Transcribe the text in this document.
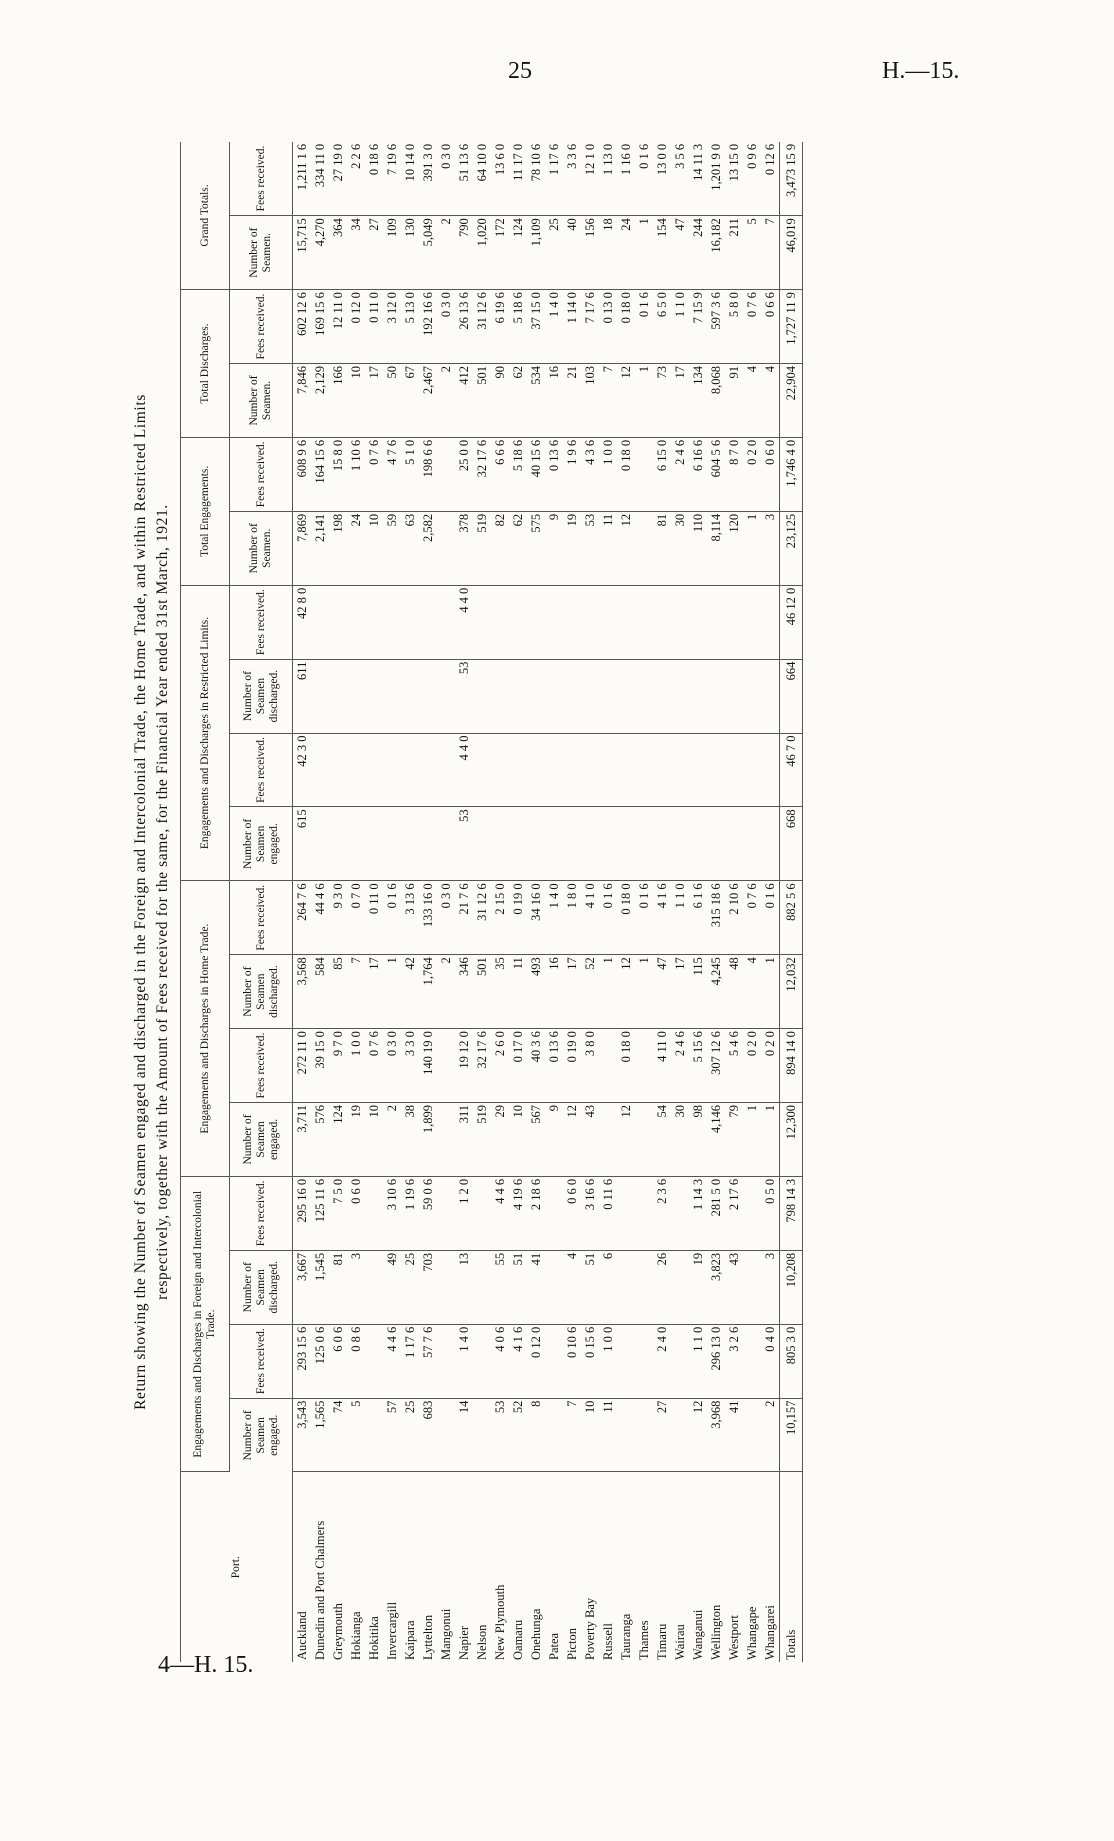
25	H.—15.
4—H. 15.
Return showing the Number of Seamen engaged and discharged in the Foreign and Intercolonial Trade, the Home Trade, and within Restricted Limits respectively, together with the Amount of Fees received for the same, for the Financial Year ended 31st March, 1921.
Port.	Engagements and Discharges in Foreign and Intercolonial Trade.				Engagements and Discharges in Home Trade.				Engagements and Discharges in Restricted Limits.				Total Engagements.		Total Discharges.		Grand Totals.	
	Number of Seamen engaged.	Fees received.	Number of Seamen discharged.	Fees received.	Number of Seamen engaged.	Fees received.	Number of Seamen discharged.	Fees received.	Number of Seamen engaged.	Fees received.	Number of Seamen discharged.	Fees received.	Number of Seamen.	Fees received.	Number of Seamen.	Fees received.	Number of Seamen.	Fees received.
Auckland	3,543	293 15 6	3,667	295 16 0	3,711	272 11 0	3,568	264 7 6	615	42 3 0	611	42 8 0	7,869	608 9 6	7,846	602 12 6	15,715	1,211 1 6
Dunedin and Port Chalmers	1,565	125 0 6	1,545	125 11 6	576	39 15 0	584	44 4 6					2,141	164 15 6	2,129	169 15 6	4,270	334 11 0
Greymouth	74	6 0 6	81	7 5 0	124	9 7 0	85	9 3 0					198	15 8 0	166	12 11 0	364	27 19 0
Hokianga	5	0 8 6	3	0 6 0	19	1 0 0	7	0 7 0					24	1 10 6	10	0 12 0	34	2 2 6
Hokitika					10	0 7 6	17	0 11 0					10	0 7 6	17	0 11 0	27	0 18 6
Invercargill	57	4 4 6	49	3 10 6	2	0 3 0	1	0 1 6					59	4 7 6	50	3 12 0	109	7 19 6
Kaipara	25	1 17 6	25	1 19 6	38	3 3 0	42	3 13 6					63	5 1 0	67	5 13 0	130	10 14 0
Lyttelton	683	57 7 6	703	59 0 6	1,899	140 19 0	1,764	133 16 0					2,582	198 6 6	2,467	192 16 6	5,049	391 3 0
Mangonui							2	0 3 0							2	0 3 0	2	0 3 0
Napier	14	1 4 0	13	1 2 0	311	19 12 0	346	21 7 6	53	4 4 0	53	4 4 0	378	25 0 0	412	26 13 6	790	51 13 6
Nelson					519	32 17 6	501	31 12 6					519	32 17 6	501	31 12 6	1,020	64 10 0
New Plymouth	53	4 0 6	55	4 4 6	29	2 6 0	35	2 15 0					82	6 6 6	90	6 19 6	172	13 6 0
Oamaru	52	4 1 6	51	4 19 6	10	0 17 0	11	0 19 0					62	5 18 6	62	5 18 6	124	11 17 0
Onehunga	8	0 12 0	41	2 18 6	567	40 3 6	493	34 16 0					575	40 15 6	534	37 15 0	1,109	78 10 6
Patea					9	0 13 6	16	1 4 0					9	0 13 6	16	1 4 0	25	1 17 6
Picton	7	0 10 6	4	0 6 0	12	0 19 0	17	1 8 0					19	1 9 6	21	1 14 0	40	3 3 6
Poverty Bay	10	0 15 6	51	3 16 6	43	3 8 0	52	4 1 0					53	4 3 6	103	7 17 6	156	12 1 0
Russell	11	1 0 0	6	0 11 6			1	0 1 6					11	1 0 0	7	0 13 0	18	1 13 0
Tauranga					12	0 18 0	12	0 18 0					12	0 18 0	12	0 18 0	24	1 16 0
Thames							1	0 1 6							1	0 1 6	1	0 1 6
Timaru	27	2 4 0	26	2 3 6	54	4 11 0	47	4 1 6					81	6 15 0	73	6 5 0	154	13 0 0
Wairau					30	2 4 6	17	1 1 0					30	2 4 6	17	1 1 0	47	3 5 6
Wanganui	12	1 1 0	19	1 14 3	98	5 15 6	115	6 1 6					110	6 16 6	134	7 15 9	244	14 11 3
Wellington	3,968	296 13 0	3,823	281 5 0	4,146	307 12 6	4,245	315 18 6					8,114	604 5 6	8,068	597 3 6	16,182	1,201 9 0
Westport	41	3 2 6	43	2 17 6	79	5 4 6	48	2 10 6					120	8 7 0	91	5 8 0	211	13 15 0
Whangape					1	0 2 0	4	0 7 6					1	0 2 0	4	0 7 6	5	0 9 6
Whangarei	2	0 4 0	3	0 5 0	1	0 2 0	1	0 1 6					3	0 6 0	4	0 6 6	7	0 12 6
Totals	10,157	805 3 0	10,208	798 14 3	12,300	894 14 0	12,032	882 5 6	668	46 7 0	664	46 12 0	23,125	1,746 4 0	22,904	1,727 11 9	46,019	3,473 15 9
